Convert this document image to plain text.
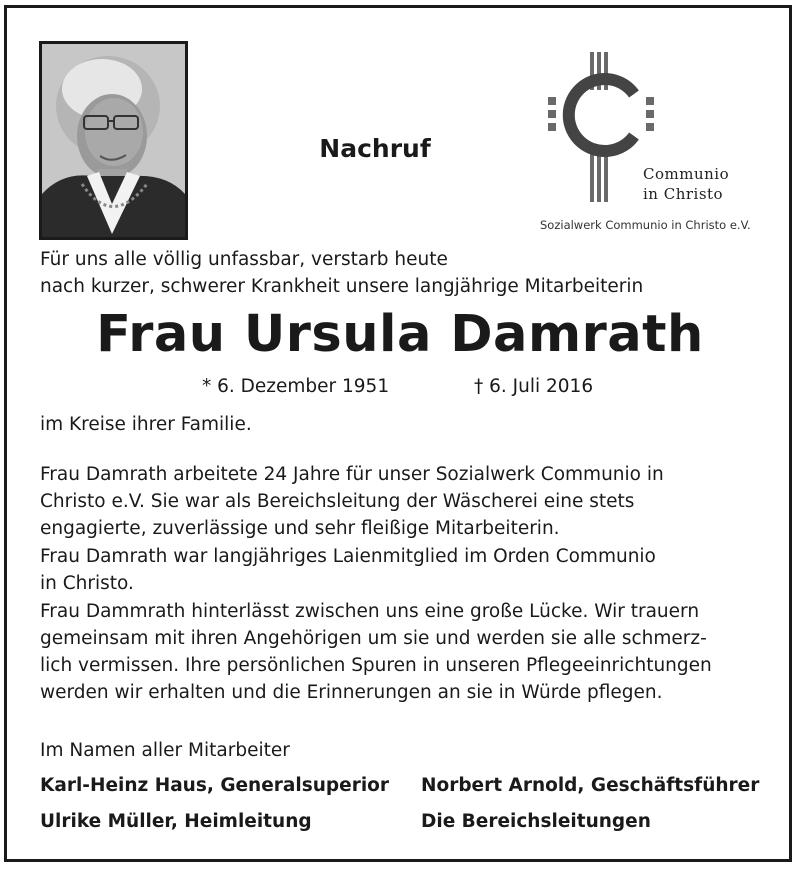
Nachruf
Communio
in Christo
Sozialwerk Communio in Christo e.V.
Für uns alle völlig unfassbar, verstarb heute
nach kurzer, schwerer Krankheit unsere langjährige Mitarbeiterin
Frau Ursula Damrath
* 6. Dezember 1951	† 6. Juli 2016
im Kreise ihrer Familie.
Frau Damrath arbeitete 24 Jahre für unser Sozialwerk Communio in
Christo e.V. Sie war als Bereichsleitung der Wäscherei eine stets
engagierte, zuverlässige und sehr fleißige Mitarbeiterin.
Frau Damrath war langjähriges Laienmitglied im Orden Communio
in Christo.
Frau Dammrath hinterlässt zwischen uns eine große Lücke. Wir trauern
gemeinsam mit ihren Angehörigen um sie und werden sie alle schmerz-
lich vermissen. Ihre persönlichen Spuren in unseren Pflegeeinrichtungen
werden wir erhalten und die Erinnerungen an sie in Würde pflegen.
Im Namen aller Mitarbeiter
Karl-Heinz Haus, Generalsuperior Norbert Arnold, Geschäftsführer
Ulrike Müller, Heimleitung	Die Bereichsleitungen
